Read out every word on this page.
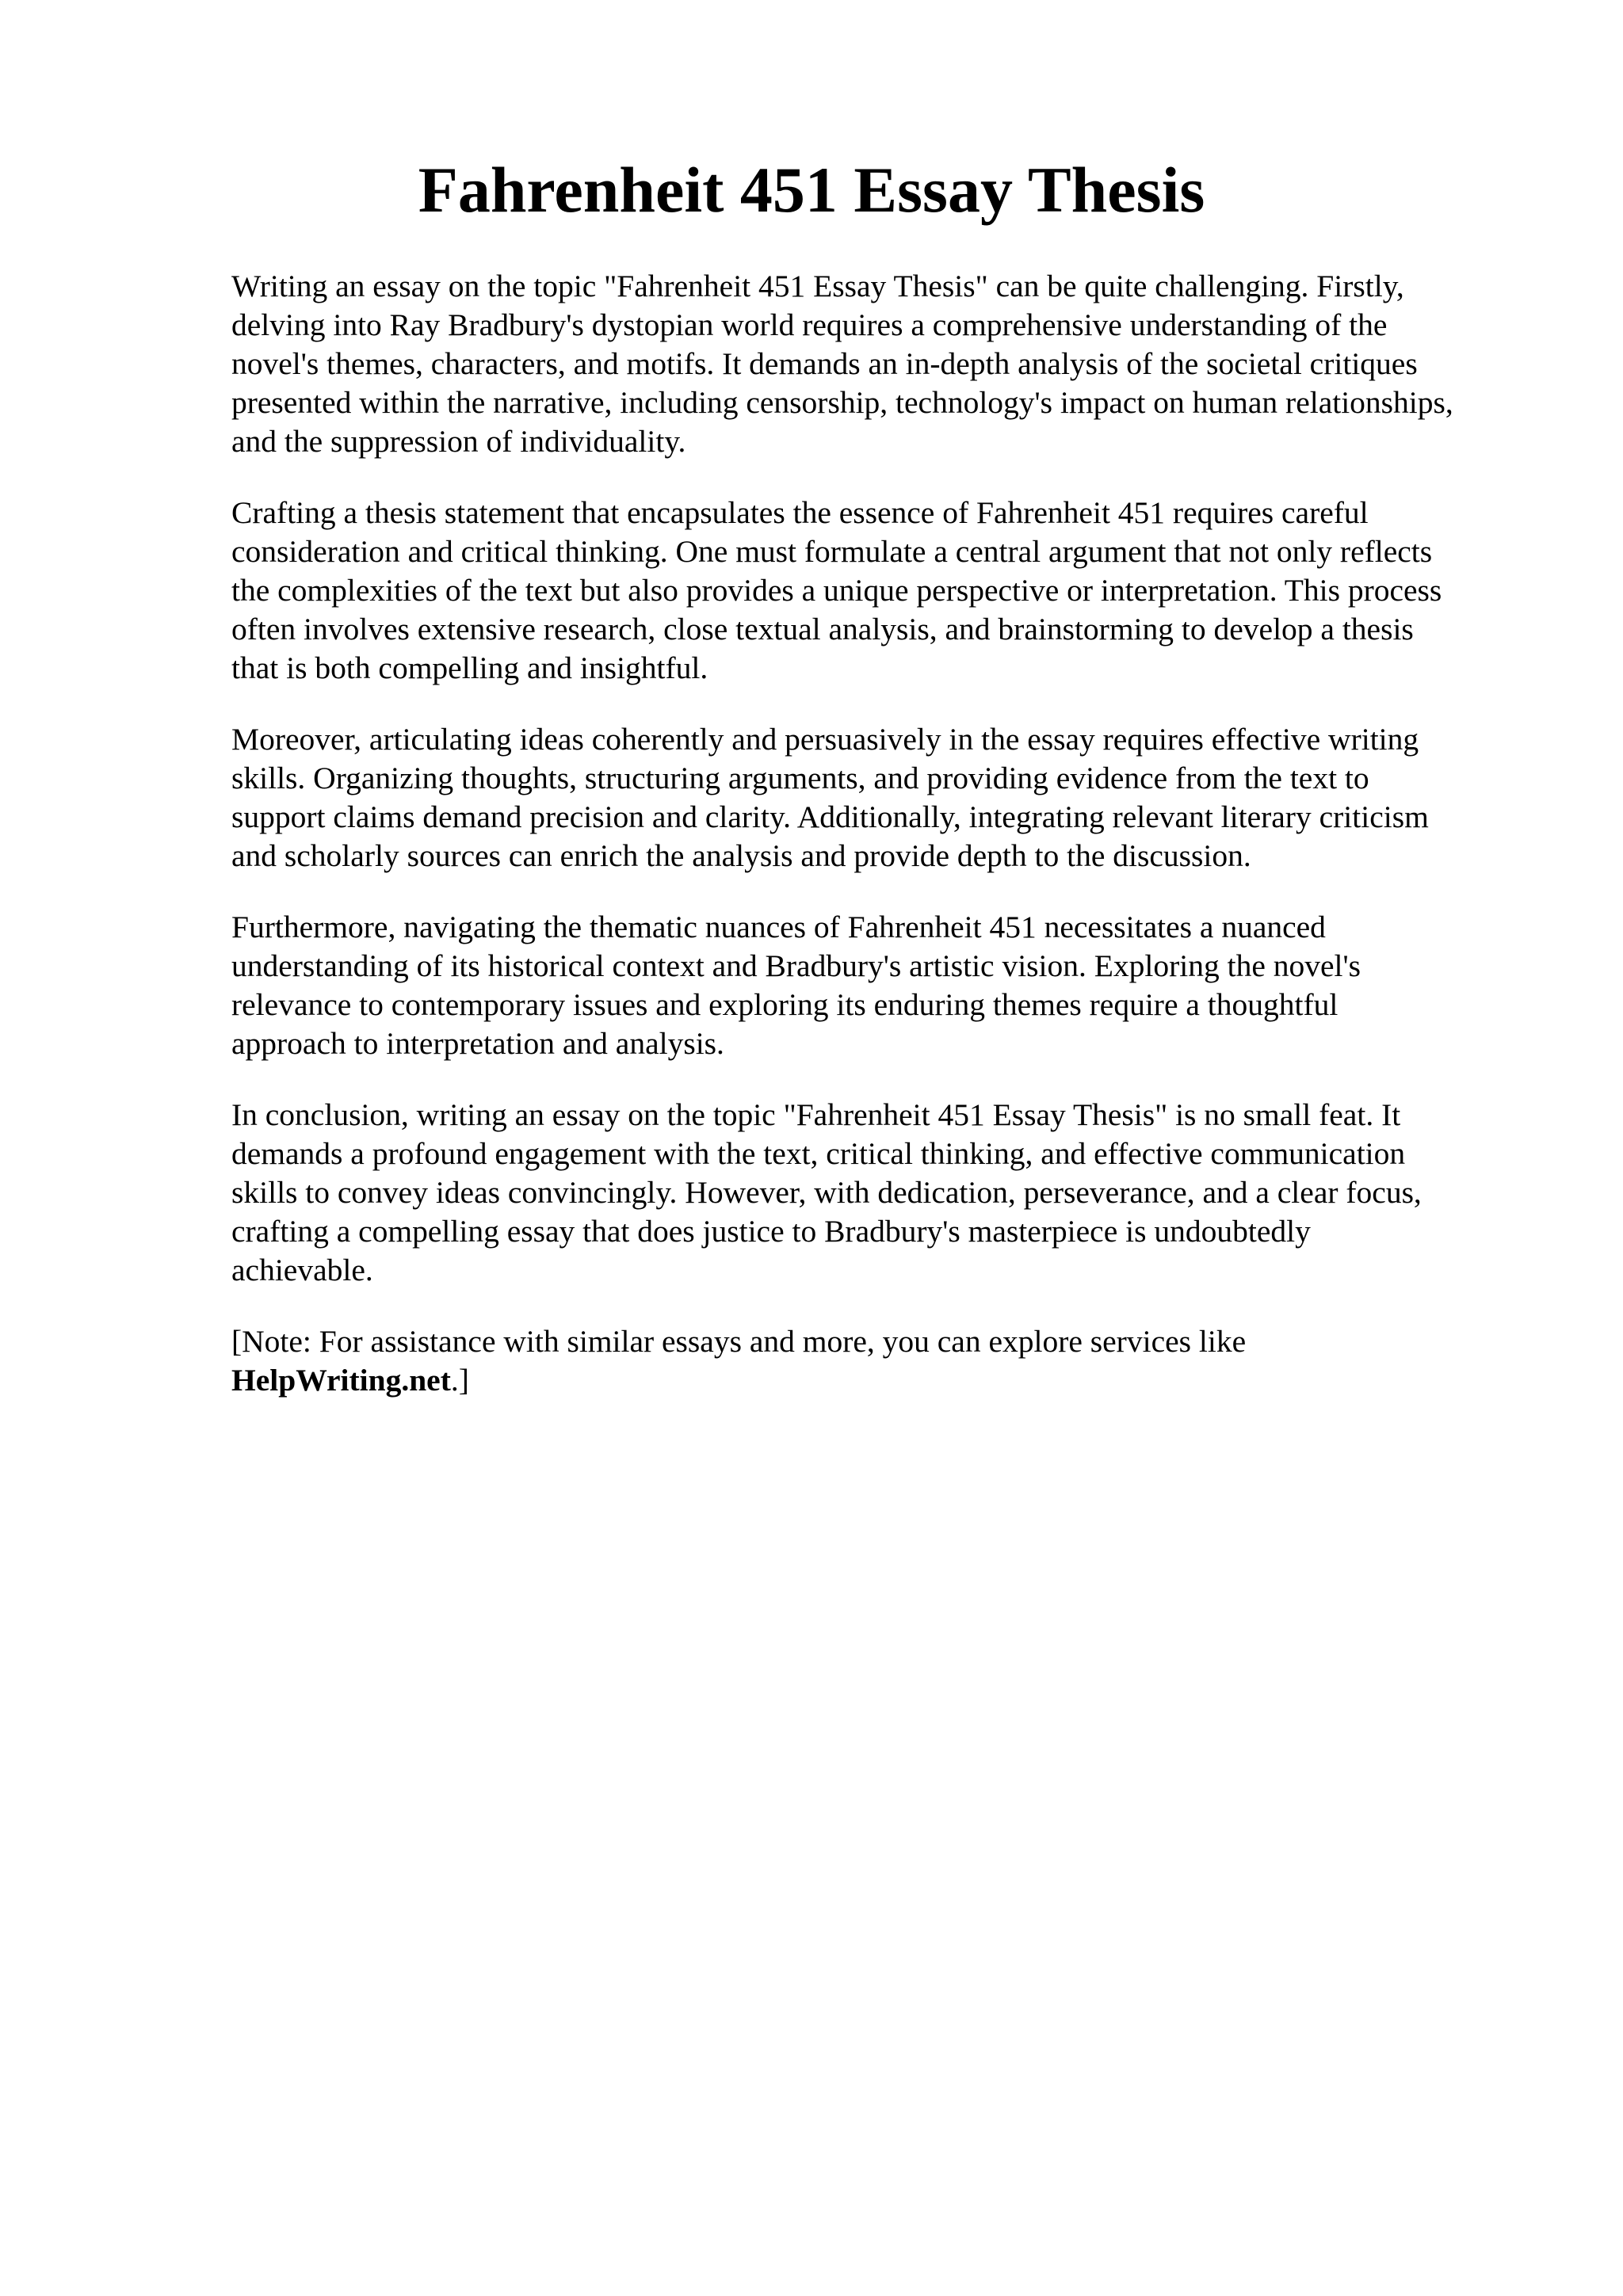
Fahrenheit 451 Essay Thesis

Writing an essay on the topic "Fahrenheit 451 Essay Thesis" can be quite challenging. Firstly,
delving into Ray Bradbury's dystopian world requires a comprehensive understanding of the
novel's themes, characters, and motifs. It demands an in-depth analysis of the societal critiques
presented within the narrative, including censorship, technology's impact on human relationships,
and the suppression of individuality.

Crafting a thesis statement that encapsulates the essence of Fahrenheit 451 requires careful
consideration and critical thinking. One must formulate a central argument that not only reflects
the complexities of the text but also provides a unique perspective or interpretation. This process
often involves extensive research, close textual analysis, and brainstorming to develop a thesis
that is both compelling and insightful.

Moreover, articulating ideas coherently and persuasively in the essay requires effective writing
skills. Organizing thoughts, structuring arguments, and providing evidence from the text to
support claims demand precision and clarity. Additionally, integrating relevant literary criticism
and scholarly sources can enrich the analysis and provide depth to the discussion.

Furthermore, navigating the thematic nuances of Fahrenheit 451 necessitates a nuanced
understanding of its historical context and Bradbury's artistic vision. Exploring the novel's
relevance to contemporary issues and exploring its enduring themes require a thoughtful
approach to interpretation and analysis.

In conclusion, writing an essay on the topic "Fahrenheit 451 Essay Thesis" is no small feat. It
demands a profound engagement with the text, critical thinking, and effective communication
skills to convey ideas convincingly. However, with dedication, perseverance, and a clear focus,
crafting a compelling essay that does justice to Bradbury's masterpiece is undoubtedly
achievable.

[Note: For assistance with similar essays and more, you can explore services like
HelpWriting.net.]
